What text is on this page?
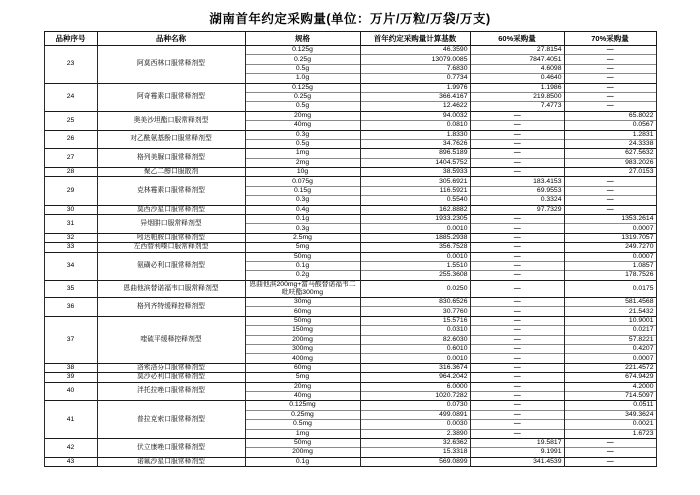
湖南首年约定采购量(单位：万片/万粒/万袋/万支)
品种序号	品种名称	规格	首年约定采购量计算基数	60%采购量	70%采购量
23	阿莫西林口服常释剂型	0.125g	46.3590	27.8154	—
		0.25g	13079.0085	7847.4051	—
		0.5g	7.6830	4.6098	—
		1.0g	0.7734	0.4640	—
24	阿奇霉素口服常释剂型	0.125g	1.9976	1.1986	—
		0.25g	366.4167	219.8500	—
		0.5g	12.4622	7.4773	—
25	奥美沙坦酯口服常释剂型	20mg	94.0032	—	65.8022
		40mg	0.0810	—	0.0567
26	对乙酰氨基酚口服常释剂型	0.3g	1.8330	—	1.2831
		0.5g	34.7626	—	24.3338
27	格列美脲口服常释剂型	1mg	896.5189	—	627.5632
		2mg	1404.5752	—	983.2026
28	聚乙二醇口服散剂	10g	38.5933	—	27.0153
29	克林霉素口服常释剂型	0.075g	305.6921	183.4153	—
		0.15g	116.5921	69.9553	—
		0.3g	0.5540	0.3324	—
30	莫西沙星口服常释剂型	0.4g	162.8882	97.7329	—
31	异烟肼口服常释剂型	0.1g	1933.2305	—	1353.2614
		0.3g	0.0010	—	0.0007
32	吲达帕胺口服常释剂型	2.5mg	1885.2938	—	1319.7057
33	左西替利嗪口服常释剂型	5mg	356.7528	—	249.7270
34	氨磺必利口服常释剂型	50mg	0.0010	—	0.0007
		0.1g	1.5510	—	1.0857
		0.2g	255.3608	—	178.7526
35	恩曲他滨替诺福韦口服常释剂型	恩曲他滨200mg+富马酸替诺福韦二吡呋酯300mg	0.0250	—	0.0175
36	格列齐特缓释控释剂型	30mg	830.6526	—	581.4568
		60mg	30.7760	—	21.5432
37	喹硫平缓释控释剂型	50mg	15.5716	—	10.9001
		150mg	0.0310	—	0.0217
		200mg	82.6030	—	57.8221
		300mg	0.6010	—	0.4207
		400mg	0.0010	—	0.0007
38	洛索洛芬口服常释剂型	60mg	316.3674	—	221.4572
39	莫沙必利口服常释剂型	5mg	964.2042	—	674.9429
40	泮托拉唑口服常释剂型	20mg	6.0000	—	4.2000
		40mg	1020.7282	—	714.5097
41	普拉克索口服常释剂型	0.125mg	0.0730	—	0.0511
		0.25mg	499.0891	—	349.3624
		0.5mg	0.0030	—	0.0021
		1mg	2.3890	—	1.6723
42	伏立康唑口服常释剂型	50mg	32.6362	19.5817	—
		200mg	15.3318	9.1991	—
43	诺氟沙星口服常释剂型	0.1g	569.0899	341.4539	—
